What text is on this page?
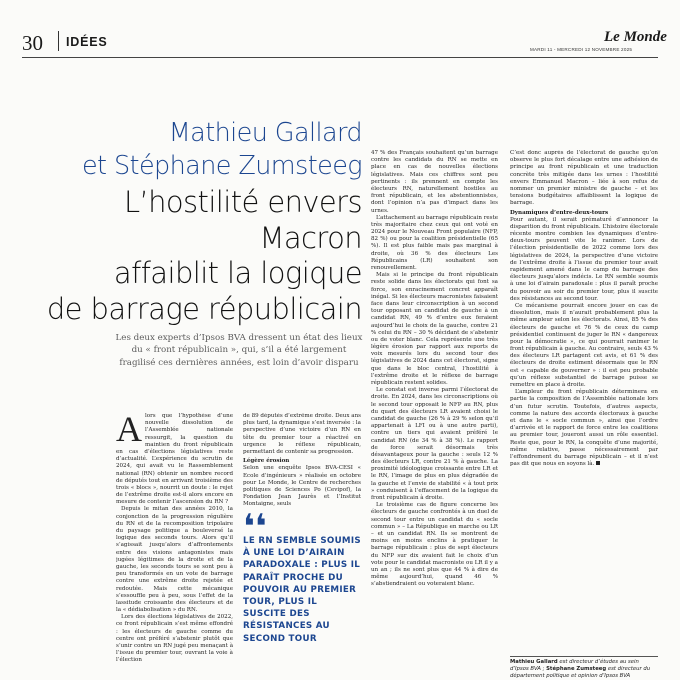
30 IDÉES	Le Monde
MARDI 11 - MERCREDI 12 NOVEMBRE 2025
Mathieu Gallard
et Stéphane Zumsteeg
L’hostilité envers Macron
affaiblit la logique
de barrage républicain
Les deux experts d’Ipsos BVA dressent un état des lieux du « front républicain », qui, s’il a été largement fragilisé ces dernières années, est loin d’avoir disparu
A lors que l’hypothèse d’une nouvelle dissolution de l’Assemblée nationale ressurgit, la question du maintien du front républicain en cas d’élections législatives reste d’actualité. L’expérience du scrutin de 2024, qui avait vu le Rassemblement national (RN) obtenir un nombre record de députés tout en arrivant troisième des trois « blocs », nourrit un doute : le rejet de l’extrême droite est-il alors encore en mesure de contenir l’ascension du RN ?

Depuis le mitan des années 2010, la conjonction de la progression régulière du RN et de la recomposition tripolaire du paysage politique a bouleversé la logique des seconds tours. Alors qu’il s’agissait jusqu’alors d’affrontements entre des visions antagonistes mais jugées légitimes de la droite et de la gauche, les seconds tours se sont peu à peu transformés en un vote de barrage contre une extrême droite rejetée et redoutée. Mais cette mécanique s’essouffle peu à peu, sous l’effet de la lassitude croissante des électeurs et de la « dédiabolisation » du RN.

Lors des élections législatives de 2022, ce front républicain s’est même effondré : les électeurs de gauche comme du centre ont préféré s’abstenir plutôt que s’unir contre un RN jugé peu menaçant à l’issue du premier tour, ouvrant la voie à l’élection

de 89 députés d’extrême droite. Deux ans plus tard, la dynamique s’est inversée : la perspective d’une victoire d’un RN en tête du premier tour a réactivé en urgence le réflexe républicain, permettant de contenir sa progression.

Légère érosion

Selon une enquête Ipsos BVA-CESI « Ecole d’ingénieurs » réalisée en octobre pour Le Monde, le Centre de recherches politiques de Sciences Po (Cevipof), la Fondation Jean Jaurès et l’Institut Montaigne, seuls

❛❛
LE RN SEMBLE SOUMIS À UNE LOI D’AIRAIN PARADOXALE : PLUS IL PARAÎT PROCHE DU POUVOIR AU PREMIER TOUR, PLUS IL SUSCITE DES RÉSISTANCES AU SECOND TOUR

47 % des Français souhaitent qu’un barrage contre les candidats du RN se mette en place en cas de nouvelles élections législatives. Mais ces chiffres sont peu pertinents : ils prennent en compte les électeurs RN, naturellement hostiles au front républicain, et les abstentionnistes, dont l’opinion n’a pas d’impact dans les urnes.

L’attachement au barrage républicain reste très majoritaire chez ceux qui ont voté en 2024 pour le Nouveau Front populaire (NFP, 82 %) ou pour la coalition présidentielle (65 %). Il est plus faible mais pas marginal à droite, où 36 % des électeurs Les Républicains (LR) souhaitent son renouvellement.

Mais si le principe du front républicain reste solide dans les électorats qui font sa force, son enracinement concret apparaît inégal. Si les électeurs macronistes faisaient face dans leur circonscription à un second tour opposant un candidat de gauche à un candidat RN, 49 % d’entre eux feraient aujourd’hui le choix de la gauche, contre 21 % celui du RN – 30 % décidant de s’abstenir ou de voter blanc. Cela représente une très légère érosion par rapport aux reports de voix mesurés lors du second tour des législatives de 2024 dans cet électorat, signe que dans le bloc central, l’hostilité à l’extrême droite et le réflexe de barrage républicain restent solides.

Le constat est inverse parmi l’électorat de droite. En 2024, dans les circonscriptions où le second tour opposait le NFP au RN, plus du quart des électeurs LR avaient choisi le candidat de gauche (26 % à 29 % selon qu’il appartenait à LFI ou à une autre parti), contre un tiers qui avaient préféré le candidat RN (de 34 % à 38 %). Le rapport de force serait désormais très désavantageux pour la gauche : seuls 12 % des électeurs LR, contre 21 % à gauche. La proximité idéologique croissante entre LR et le RN, l’image de plus en plus dégradée de la gauche et l’envie de stabilité « à tout prix » conduisent à l’effacement de la logique du front républicain à droite.

Le troisième cas de figure concerne les électeurs de gauche confrontés à un duel de second tour entre un candidat du « socle commun » – La République en marche ou LR – et un candidat RN. Ils se montrent de moins en moins enclins à pratiquer le barrage républicain : plus de sept électeurs du NFP sur dix avaient fait le choix d’un vote pour le candidat macroniste ou LR il y a un an ; ils ne sont plus que 44 % à dire de même aujourd’hui, quand 46 % s’abstiendraient ou voteraient blanc.

C’est donc auprès de l’électorat de gauche qu’on observe le plus fort décalage entre une adhésion de principe au front républicain et une traduction concrète très mitigée dans les urnes : l’hostilité envers Emmanuel Macron – liée à son refus de nommer un premier ministre de gauche – et les tensions budgétaires affaiblissent la logique de barrage.

Dynamiques d’entre-deux-tours

Pour autant, il serait prématuré d’annoncer la disparition du front républicain. L’histoire électorale récente montre combien les dynamiques d’entre-deux-tours peuvent vite le ranimer. Lors de l’élection présidentielle de 2022 comme lors des législatives de 2024, la perspective d’une victoire de l’extrême droite à l’issue du premier tour avait rapidement amené dans le camp du barrage des électeurs jusqu’alors indécis. Le RN semble soumis à une loi d’airain paradoxale : plus il paraît proche du pouvoir au soir du premier tour, plus il suscite des résistances au second tour.

Ce mécanisme pourrait encore jouer en cas de dissolution, mais il n’aurait probablement plus la même ampleur selon les électorats. Ainsi, 85 % des électeurs de gauche et 76 % de ceux du camp présidentiel continuent de juger le RN « dangereux pour la démocratie », ce qui pourrait ranimer le front républicain à gauche. Au contraire, seuls 43 % des électeurs LR partagent cet avis, et 61 % des électeurs de droite estiment désormais que le RN est « capable de gouverner » : il est peu probable qu’un réflexe substantiel de barrage puisse se remettre en place à droite.

L’ampleur du front républicain déterminera en partie la composition de l’Assemblée nationale lors d’un futur scrutin. Toutefois, d’autres aspects, comme la nature des accords électoraux à gauche et dans le « socle commun », ainsi que l’ordre d’arrivée et le rapport de force entre les coalitions au premier tour, joueront aussi un rôle essentiel. Reste que, pour le RN, la conquête d’une majorité, même relative, passe nécessairement par l’effondrement du barrage républicain – et il n’est pas dit que nous en soyons là.

Mathieu Gallard est directeur d’études au sein d’Ipsos BVA ; Stéphane Zumsteeg est directeur du département politique et opinion d’Ipsos BVA
